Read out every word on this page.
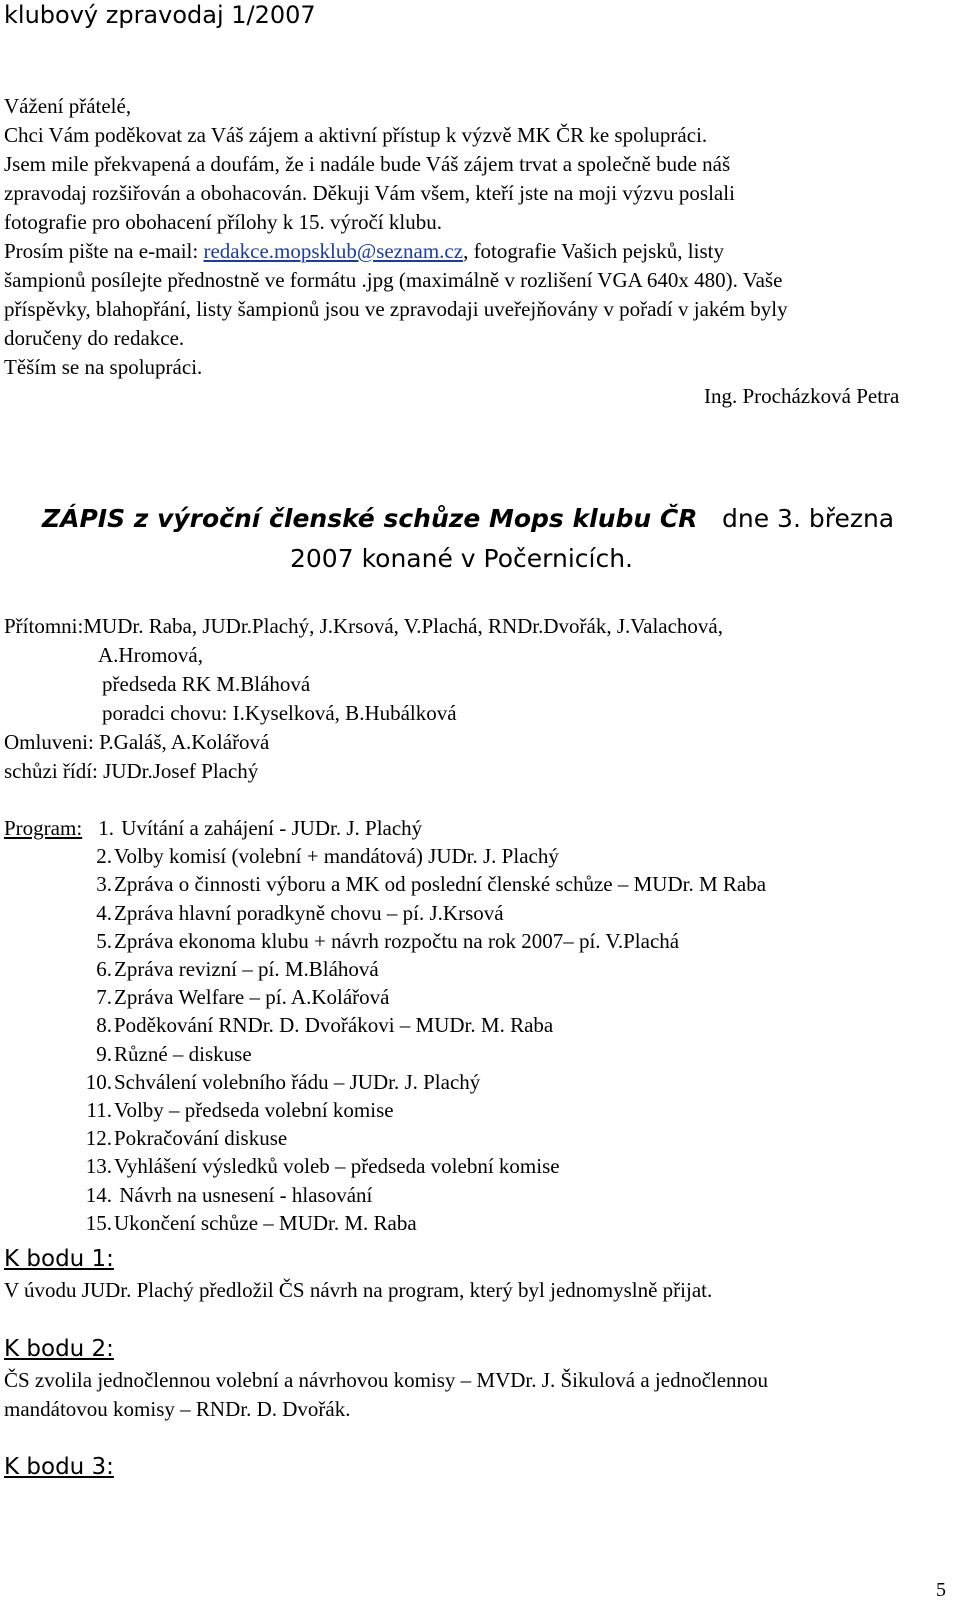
klubový zpravodaj 1/2007
Vážení přátelé,
Chci Vám poděkovat za Váš zájem a aktivní přístup k výzvě MK ČR ke spolupráci.
Jsem mile překvapená a doufám, že i nadále bude Váš zájem trvat a společně bude náš
zpravodaj rozšiřován a obohacován. Děkuji Vám všem, kteří jste na moji výzvu poslali
fotografie pro obohacení přílohy k 15. výročí klubu.
Prosím pište na e-mail: redakce.mopsklub@seznam.cz, fotografie Vašich pejsků, listy
šampionů posílejte přednostně ve formátu .jpg (maximálně v rozlišení VGA 640x 480). Vaše
příspěvky, blahopřání, listy šampionů jsou ve zpravodaji uveřejňovány v pořadí v jakém byly
doručeny do redakce.
Těším se na spolupráci.
Ing. Procházková Petra
ZÁPIS z výroční členské schůze Mops klubu ČR dne 3. března
2007 konané v Počernicích.
Přítomni:MUDr. Raba, JUDr.Plachý, J.Krsová, V.Plachá, RNDr.Dvořák, J.Valachová,
A.Hromová,
předseda RK M.Bláhová
poradci chovu: I.Kyselková, B.Hubálková
Omluveni: P.Galáš, A.Kolářová
schůzi řídí: JUDr.Josef Plachý
Program: 1. Uvítání a zahájení - JUDr. J. Plachý
2.Volby komisí (volební + mandátová) JUDr. J. Plachý
3.Zpráva o činnosti výboru a MK od poslední členské schůze – MUDr. M Raba
4.Zpráva hlavní poradkyně chovu – pí. J.Krsová
5.Zpráva ekonoma klubu + návrh rozpočtu na rok 2007– pí. V.Plachá
6.Zpráva revizní – pí. M.Bláhová
7.Zpráva Welfare – pí. A.Kolářová
8.Poděkování RNDr. D. Dvořákovi – MUDr. M. Raba
9.Různé – diskuse
10.Schválení volebního řádu – JUDr. J. Plachý
11.Volby – předseda volební komise
12.Pokračování diskuse
13.Vyhlášení výsledků voleb – předseda volební komise
14. Návrh na usnesení - hlasování
15.Ukončení schůze – MUDr. M. Raba
K bodu 1:
V úvodu JUDr. Plachý předložil ČS návrh na program, který byl jednomyslně přijat.
K bodu 2:
ČS zvolila jednočlennou volební a návrhovou komisy – MVDr. J. Šikulová a jednočlennou
mandátovou komisy – RNDr. D. Dvořák.
K bodu 3:
5
